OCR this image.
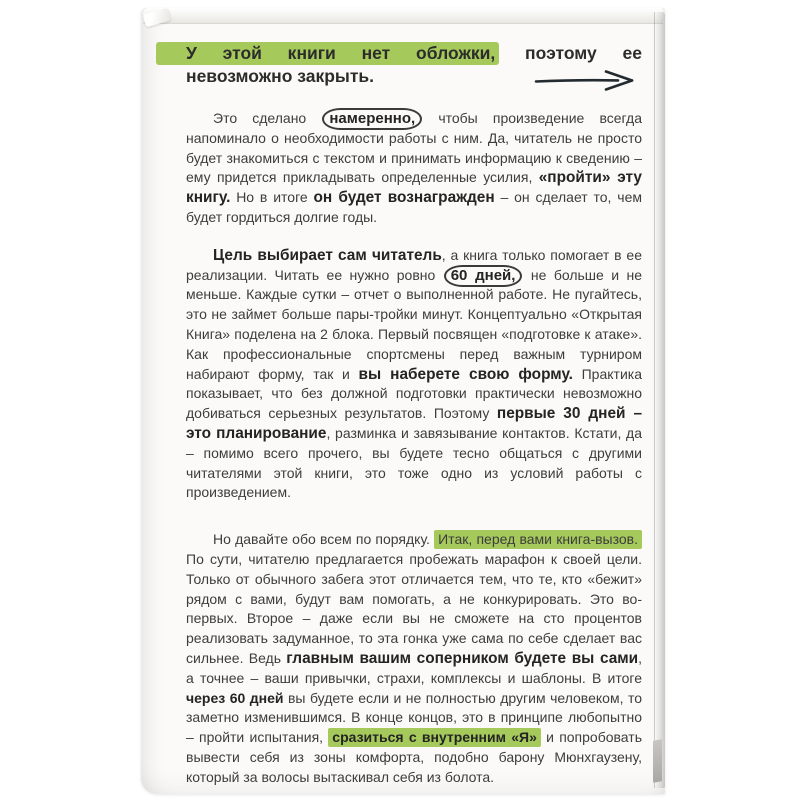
У этой книги нет обложки, поэтому ее
невозможно закрыть.

Это сделано намеренно, чтобы произведение всегда напоминало о необходимости работы с ним. Да, читатель не просто будет знакомиться с текстом и принимать информацию к сведению – ему придется прикладывать определенные усилия, «пройти» эту книгу. Но в итоге он будет вознагражден – он сделает то, чем будет гордиться долгие годы.

Цель выбирает сам читатель, а книга только помогает в ее реализации. Читать ее нужно ровно 60 дней, не больше и не меньше. Каждые сутки – отчет о выполненной работе. Не пугайтесь, это не займет больше пары-тройки минут. Концептуально «Открытая Книга» поделена на 2 блока. Первый посвящен «подготовке к атаке». Как профессиональные спортсмены перед важным турниром набирают форму, так и вы наберете свою форму. Практика показывает, что без должной подготовки практически невозможно добиваться серьезных результатов. Поэтому первые 30 дней – это планирование, разминка и завязывание контактов. Кстати, да – помимо всего прочего, вы будете тесно общаться с другими читателями этой книги, это тоже одно из условий работы с произведением.

Но давайте обо всем по порядку. Итак, перед вами книга-вызов. По сути, читателю предлагается пробежать марафон к своей цели. Только от обычного забега этот отличается тем, что те, кто «бежит» рядом с вами, будут вам помогать, а не конкурировать. Это во-первых. Второе – даже если вы не сможете на сто процентов реализовать задуманное, то эта гонка уже сама по себе сделает вас сильнее. Ведь главным вашим соперником будете вы сами, а точнее – ваши привычки, страхи, комплексы и шаблоны. В итоге через 60 дней вы будете если и не полностью другим человеком, то заметно изменившимся. В конце концов, это в принципе любопытно – пройти испытания, сразиться с внутренним «Я» и попробовать вывести себя из зоны комфорта, подобно барону Мюнхгаузену, который за волосы вытаскивал себя из болота.
